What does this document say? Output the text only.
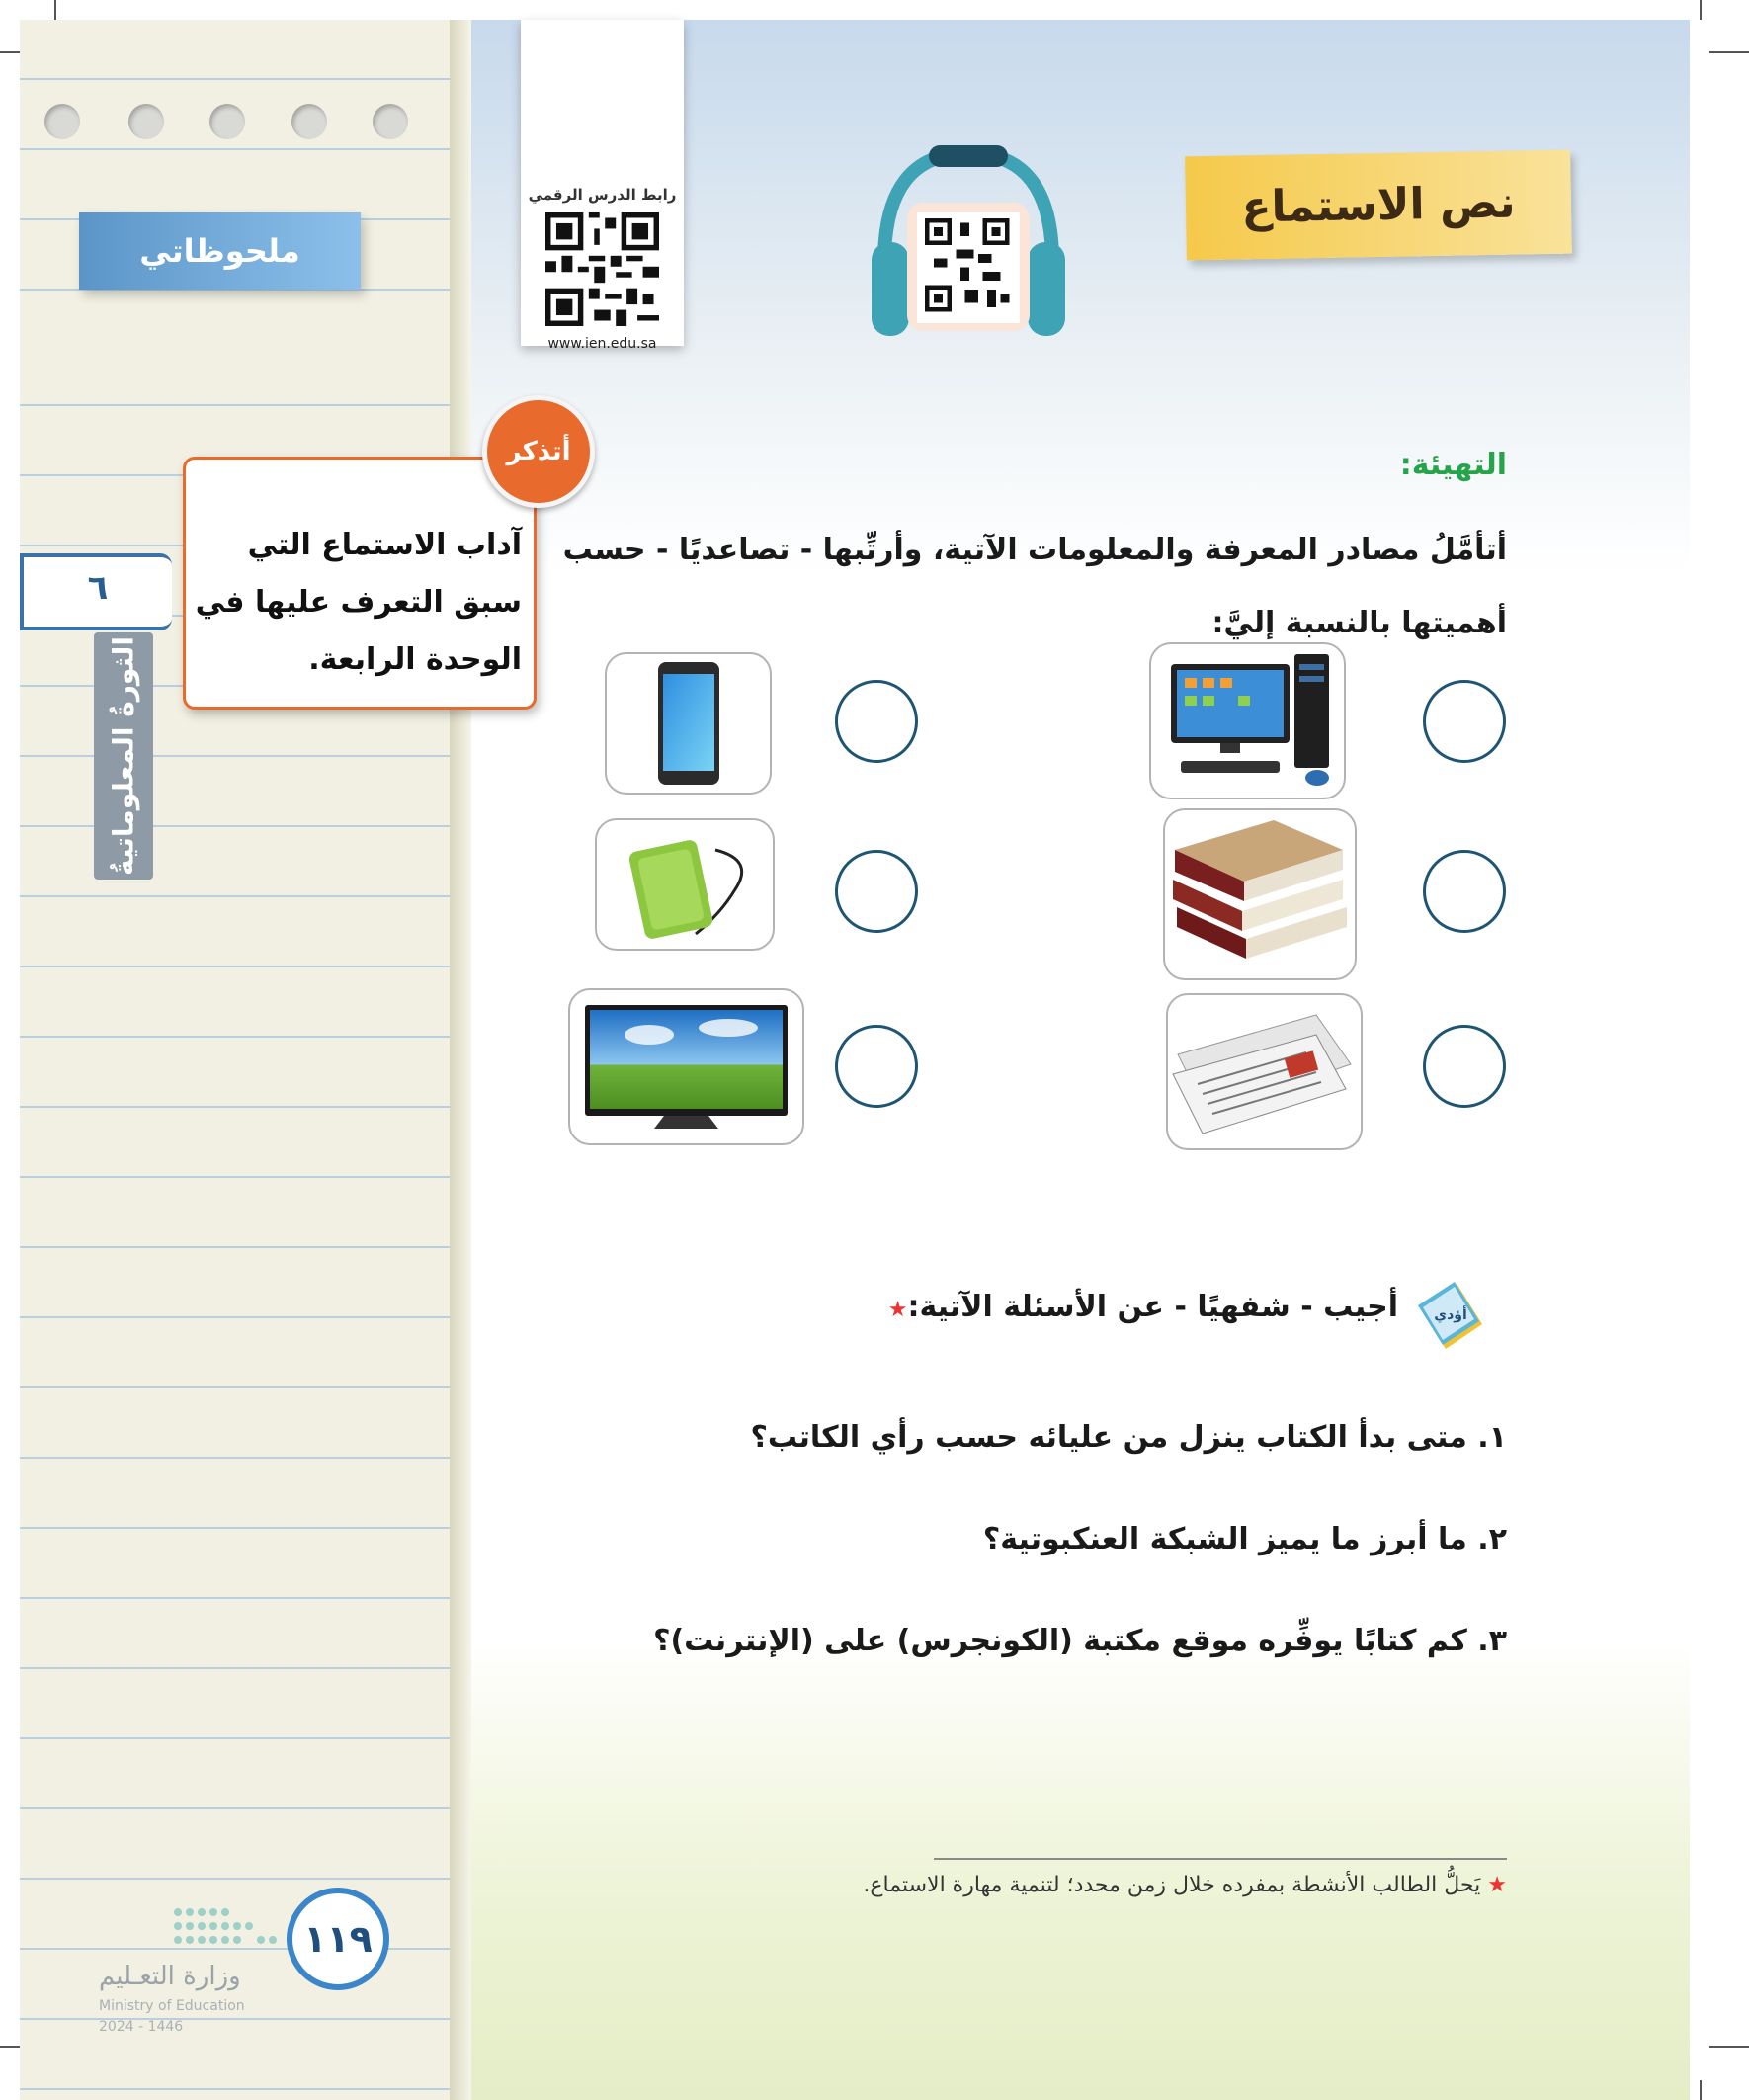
ملحوظاتي
٦
الثورةُ المعلوماتيةُ
١١٩
وزارة التعـليم
Ministry of Education
2024 - 1446
رابط الدرس الرقمي
www.ien.edu.sa
نص الاستماع
آداب الاستماع التي سبق التعرف عليها في الوحدة الرابعة.
أتذكر	التهيئة:
أتأمَّلُ مصادر المعرفة والمعلومات الآتية، وأرتِّبها - تصاعديًا - حسب أهميتها بالنسبة إليَّ:
أؤدي
أجيب - شفهيًا - عن الأسئلة الآتية:★
١. متى بدأ الكتاب ينزل من عليائه حسب رأي الكاتب؟
٢. ما أبرز ما يميز الشبكة العنكبوتية؟
٣. كم كتابًا يوفِّره موقع مكتبة (الكونجرس) على (الإنترنت)؟
★ يَحلُّ الطالب الأنشطة بمفرده خلال زمن محدد؛ لتنمية مهارة الاستماع.
